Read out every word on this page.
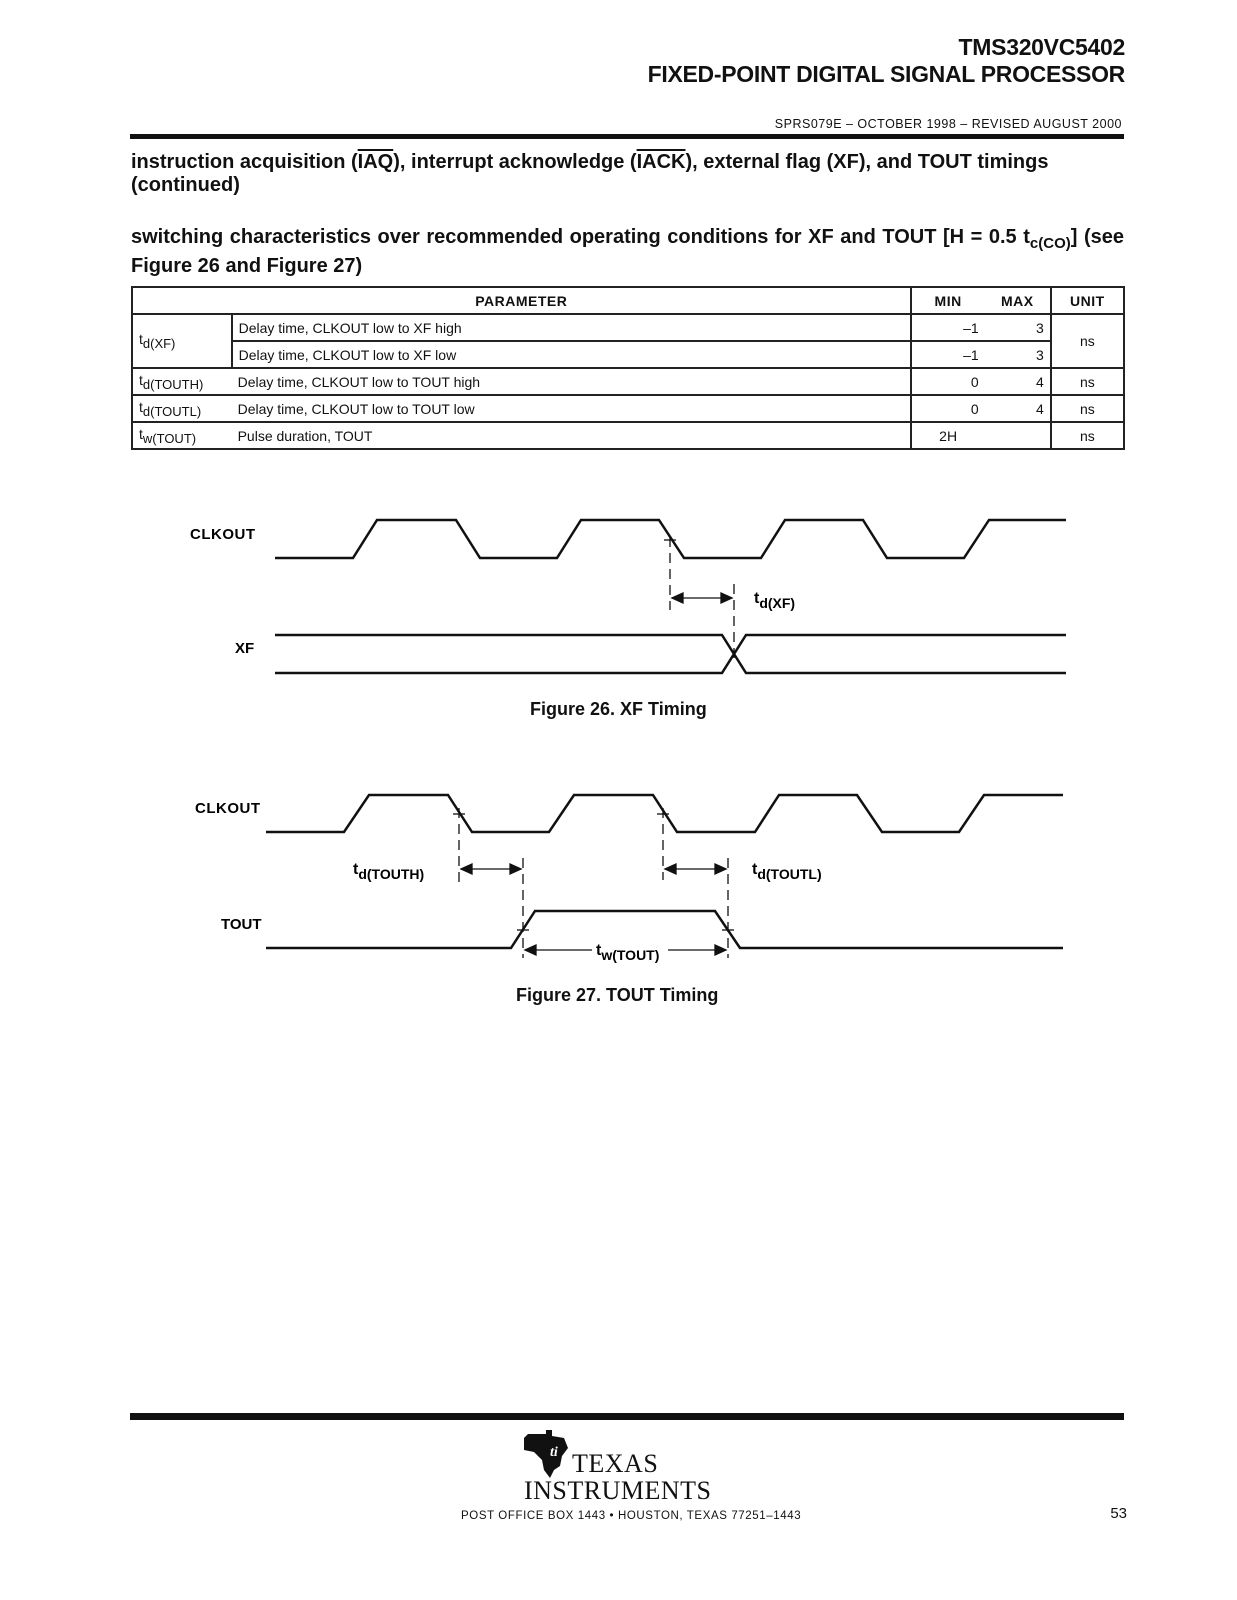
TMS320VC5402
FIXED-POINT DIGITAL SIGNAL PROCESSOR
SPRS079E – OCTOBER 1998 – REVISED AUGUST 2000
instruction acquisition $(\overline{IAQ})$, interrupt acknowledge (IACK), external flag (XF), and TOUT timings (continued)
switching characteristics over recommended operating conditions for XF and TOUT [H = 0.5 $t_{c(CO)}$] (see Figure 26 and Figure 27)
PARAMETER		MIN	MAX	UNIT
$t_{d(XF)}$	Delay time, CLKOUT low to XF high	–1	3	ns
	Delay time, CLKOUT low to XF low	–1	3	
$t_{d(TOUTH)}$	Delay time, CLKOUT low to TOUT high	0	4	ns
$t_{d(TOUTL)}$	Delay time, CLKOUT low to TOUT low	0	4	ns
$t_{w(TOUT)}$	Pulse duration, TOUT	2H		ns
CLKOUT
XF
td(XF)
CLKOUT
TOUT
td(TOUTH)	td(TOUTL)
tw(TOUT)
Figure 26. XF Timing
Figure 27. TOUT Timing
ti TEXAS
INSTRUMENTS
POST OFFICE BOX 1443 • HOUSTON, TEXAS 77251–1443	53
